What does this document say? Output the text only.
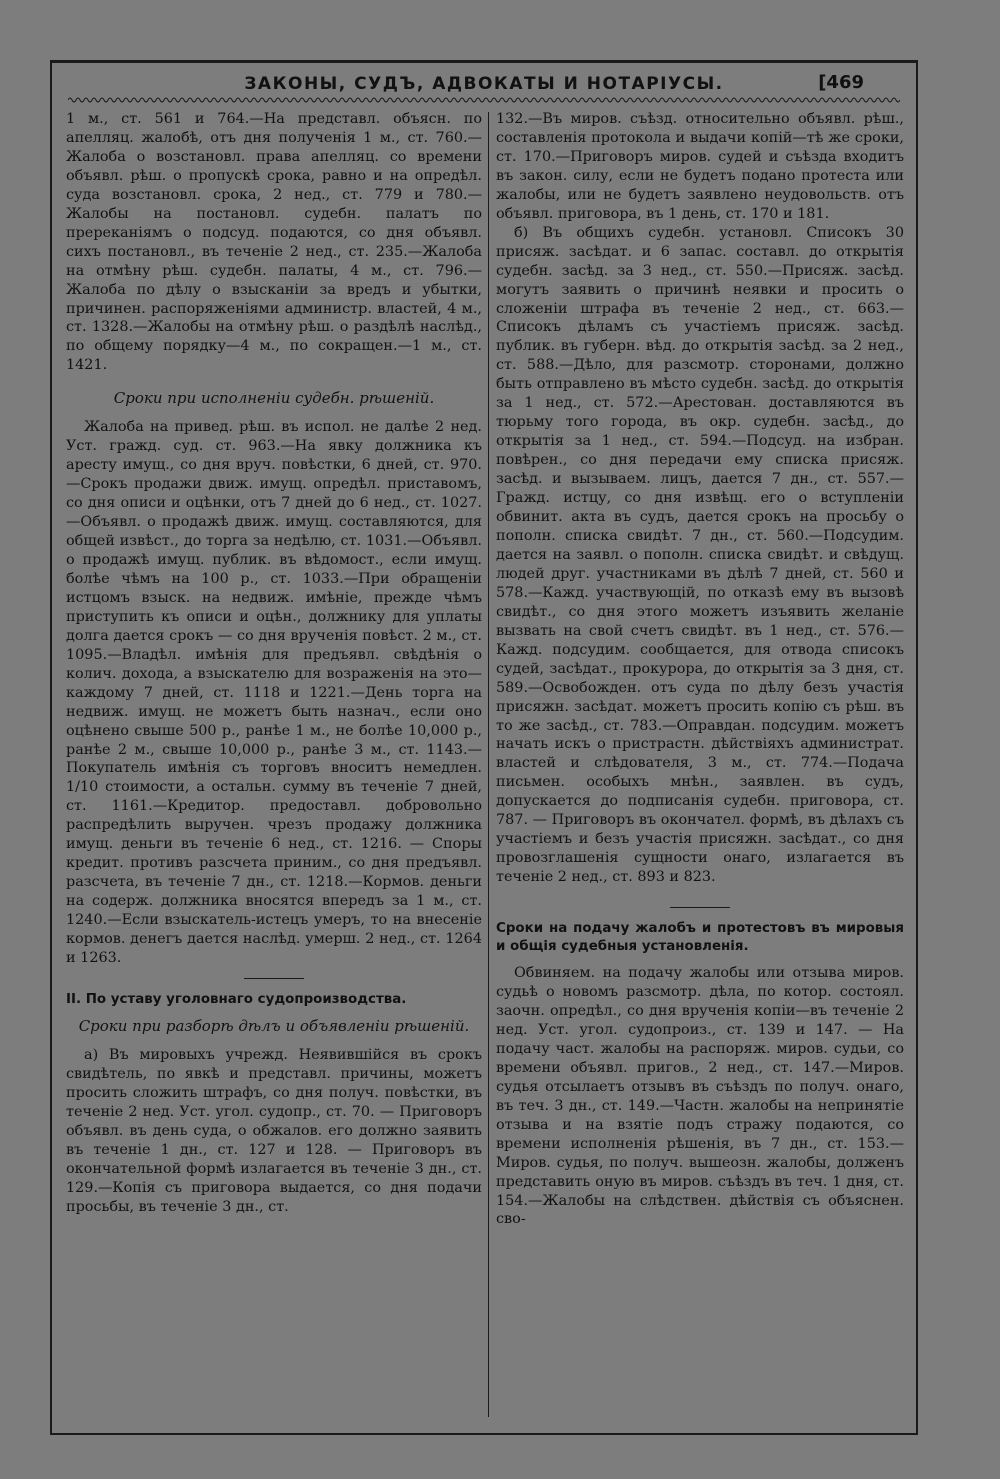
ЗАКОНЫ, СУДЪ, АДВОКАТЫ И НОТАРІУСЫ.	[469

1 м., ст. 561 и 764.—На представл. объясн. по апелляц. жалобѣ, отъ дня полученія 1 м., ст. 760.—Жалоба о возстановл. права апелляц. со времени объявл. рѣш. о пропускѣ срока, равно и на опредѣл. суда возстановл. срока, 2 нед., ст. 779 и 780.—Жалобы на постановл. судебн. палатъ по пререканіямъ о подсуд. подаются, со дня объявл. сихъ постановл., въ теченіе 2 нед., ст. 235.—Жалоба на отмѣну рѣш. судебн. палаты, 4 м., ст. 796.—Жалоба по дѣлу о взысканіи за вредъ и убытки, причинен. распоряженіями администр. властей, 4 м., ст. 1328.—Жалобы на отмѣну рѣш. о раздѣлѣ наслѣд., по общему порядку—4 м., по сокращен.—1 м., ст. 1421.

Сроки при исполненіи судебн. рѣшеній.

Жалоба на привед. рѣш. въ испол. не далѣе 2 нед. Уст. гражд. суд. ст. 963.—На явку должника къ аресту имущ., со дня вруч. повѣстки, 6 дней, ст. 970.—Срокъ продажи движ. имущ. опредѣл. приставомъ, со дня описи и оцѣнки, отъ 7 дней до 6 нед., ст. 1027.—Объявл. о продажѣ движ. имущ. составляются, для общей извѣст., до торга за недѣлю, ст. 1031.—Объявл. о продажѣ имущ. публик. въ вѣдомост., если имущ. болѣе чѣмъ на 100 р., ст. 1033.—При обращеніи истцомъ взыск. на недвиж. имѣніе, прежде чѣмъ приступить къ описи и оцѣн., должнику для уплаты долга дается срокъ — со дня врученія повѣст. 2 м., ст. 1095.—Владѣл. имѣнія для предъявл. свѣдѣнія о колич. дохода, а взыскателю для возраженія на это—каждому 7 дней, ст. 1118 и 1221.—День торга на недвиж. имущ. не можетъ быть назнач., если оно оцѣнено свыше 500 р., ранѣе 1 м., не болѣе 10,000 р., ранѣе 2 м., свыше 10,000 р., ранѣе 3 м., ст. 1143.—Покупатель имѣнія съ торговъ вноситъ немедлен. 1/10 стоимости, а остальн. сумму въ теченіе 7 дней, ст. 1161.—Кредитор. предоставл. добровольно распредѣлить выручен. чрезъ продажу должника имущ. деньги въ теченіе 6 нед., ст. 1216. — Споры кредит. противъ разсчета приним., со дня предъявл. разсчета, въ теченіе 7 дн., ст. 1218.—Кормов. деньги на содерж. должника вносятся впередъ за 1 м., ст. 1240.—Если взыскатель-истецъ умеръ, то на внесеніе кормов. денегъ дается наслѣд. умерш. 2 нед., ст. 1264 и 1263.

II. По уставу уголовнаго судопроизводства.

Сроки при разборѣ дѣлъ и объявленіи рѣшеній.

а) Въ мировыхъ учрежд. Неявившійся въ срокъ свидѣтель, по явкѣ и представл. причины, можетъ просить сложить штрафъ, со дня получ. повѣстки, въ теченіе 2 нед. Уст. угол. судопр., ст. 70. — Приговоръ объявл. въ день суда, о обжалов. его должно заявить въ теченіе 1 дн., ст. 127 и 128. — Приговоръ въ окончательной формѣ излагается въ теченіе 3 дн., ст. 129.—Копія съ приговора выдается, со дня подачи просьбы, въ теченіе 3 дн., ст.

132.—Въ миров. съѣзд. относительно объявл. рѣш., составленія протокола и выдачи копій—тѣ же сроки, ст. 170.—Приговоръ миров. судей и съѣзда входитъ въ закон. силу, если не будетъ подано протеста или жалобы, или не будетъ заявлено неудовольств. отъ объявл. приговора, въ 1 день, ст. 170 и 181.

б) Въ общихъ судебн. установл. Списокъ 30 присяж. засѣдат. и 6 запас. составл. до открытія судебн. засѣд. за 3 нед., ст. 550.—Присяж. засѣд. могутъ заявить о причинѣ неявки и просить о сложеніи штрафа въ теченіе 2 нед., ст. 663.—Списокъ дѣламъ съ участіемъ присяж. засѣд. публик. въ губерн. вѣд. до открытія засѣд. за 2 нед., ст. 588.—Дѣло, для разсмотр. сторонами, должно быть отправлено въ мѣсто судебн. засѣд. до открытія за 1 нед., ст. 572.—Арестован. доставляются въ тюрьму того города, въ окр. судебн. засѣд., до открытія за 1 нед., ст. 594.—Подсуд. на избран. повѣрен., со дня передачи ему списка присяж. засѣд. и вызываем. лицъ, дается 7 дн., ст. 557.—Гражд. истцу, со дня извѣщ. его о вступленіи обвинит. акта въ судъ, дается срокъ на просьбу о пополн. списка свидѣт. 7 дн., ст. 560.—Подсудим. дается на заявл. о пополн. списка свидѣт. и свѣдущ. людей друг. участниками въ дѣлѣ 7 дней, ст. 560 и 578.—Кажд. участвующій, по отказѣ ему въ вызовѣ свидѣт., со дня этого можетъ изъявить желаніе вызвать на свой счетъ свидѣт. въ 1 нед., ст. 576.—Кажд. подсудим. сообщается, для отвода списокъ судей, засѣдат., прокурора, до открытія за 3 дня, ст. 589.—Освобожден. отъ суда по дѣлу безъ участія присяжн. засѣдат. можетъ просить копію съ рѣш. въ то же засѣд., ст. 783.—Оправдан. подсудим. можетъ начать искъ о пристрастн. дѣйствіяхъ администрат. властей и слѣдователя, 3 м., ст. 774.—Подача письмен. особыхъ мнѣн., заявлен. въ судъ, допускается до подписанія судебн. приговора, ст. 787. — Приговоръ въ окончател. формѣ, въ дѣлахъ съ участіемъ и безъ участія присяжн. засѣдат., со дня провозглашенія сущности онаго, излагается въ теченіе 2 нед., ст. 893 и 823.

Сроки на подачу жалобъ и протестовъ въ мировыя и общія судебныя установленія.

Обвиняем. на подачу жалобы или отзыва миров. судьѣ о новомъ разсмотр. дѣла, по котор. состоял. заочн. опредѣл., со дня врученія копіи—въ теченіе 2 нед. Уст. угол. судопроиз., ст. 139 и 147. — На подачу част. жалобы на распоряж. миров. судьи, со времени объявл. пригов., 2 нед., ст. 147.—Миров. судья отсылаетъ отзывъ въ съѣздъ по получ. онаго, въ теч. 3 дн., ст. 149.—Частн. жалобы на непринятіе отзыва и на взятіе подъ стражу подаются, со времени исполненія рѣшенія, въ 7 дн., ст. 153.—Миров. судья, по получ. вышеозн. жалобы, долженъ представить оную въ миров. съѣздъ въ теч. 1 дня, ст. 154.—Жалобы на слѣдствен. дѣйствія съ объяснен. сво-
